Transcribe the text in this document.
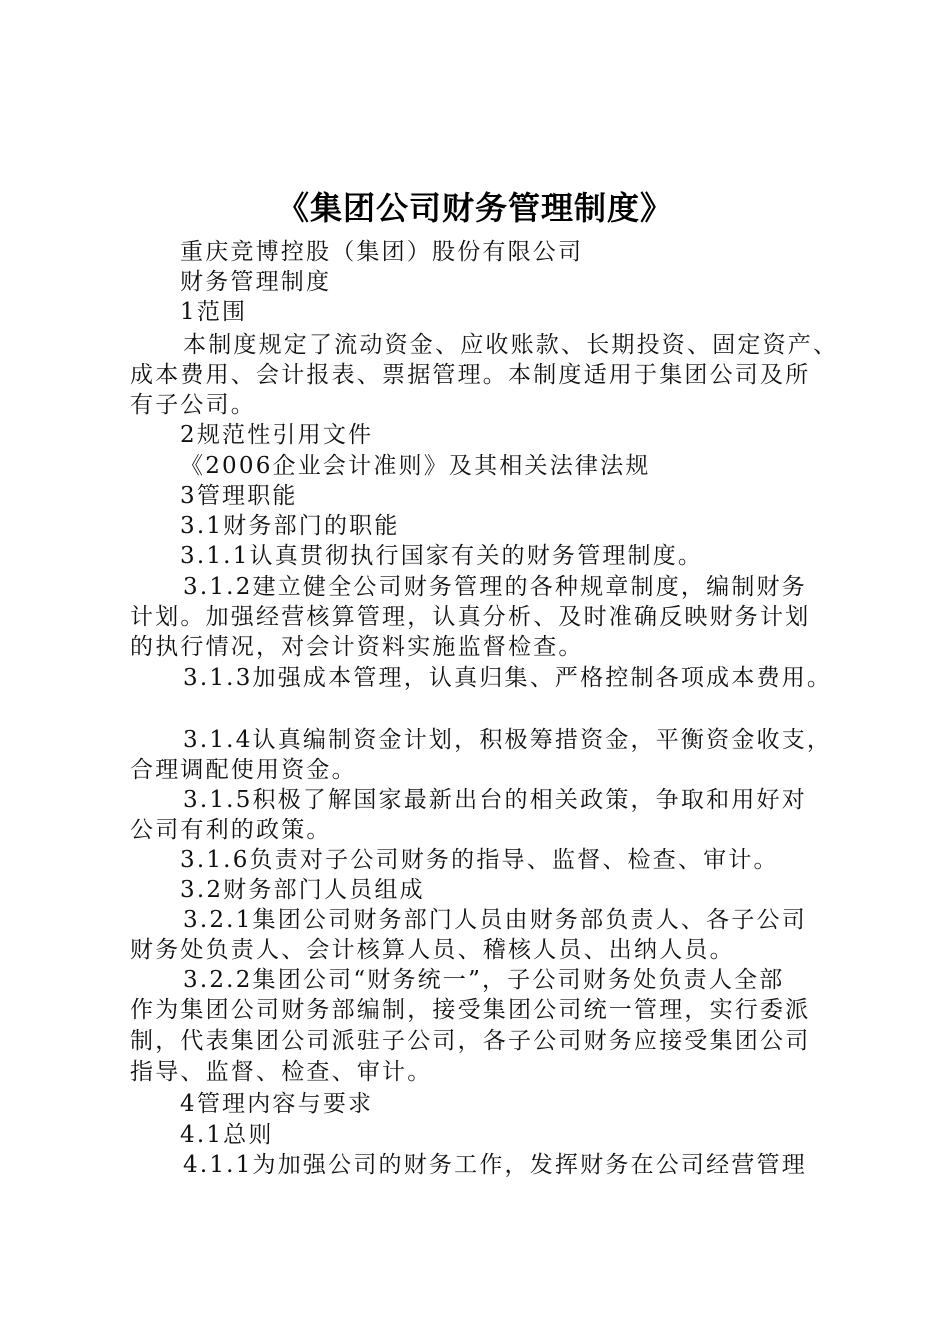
《集团公司财务管理制度》
重庆竞博控股（集团）股份有限公司
财务管理制度
1范围
本制度规定了流动资金、应收账款、长期投资、固定资产、
成本费用、会计报表、票据管理。本制度适用于集团公司及所
有子公司。
2规范性引用文件
《2006企业会计准则》及其相关法律法规
3管理职能
3.1财务部门的职能
3.1.1认真贯彻执行国家有关的财务管理制度。
3.1.2建立健全公司财务管理的各种规章制度，编制财务
计划。加强经营核算管理，认真分析、及时准确反映财务计划
的执行情况，对会计资料实施监督检查。
3.1.3加强成本管理，认真归集、严格控制各项成本费用。
3.1.4认真编制资金计划，积极筹措资金，平衡资金收支，
合理调配使用资金。
3.1.5积极了解国家最新出台的相关政策，争取和用好对
公司有利的政策。
3.1.6负责对子公司财务的指导、监督、检查、审计。
3.2财务部门人员组成
3.2.1集团公司财务部门人员由财务部负责人、各子公司
财务处负责人、会计核算人员、稽核人员、出纳人员。
3.2.2集团公司“财务统一”，子公司财务处负责人全部
作为集团公司财务部编制，接受集团公司统一管理，实行委派
制，代表集团公司派驻子公司，各子公司财务应接受集团公司
指导、监督、检查、审计。
4管理内容与要求
4.1总则
4.1.1为加强公司的财务工作，发挥财务在公司经营管理
